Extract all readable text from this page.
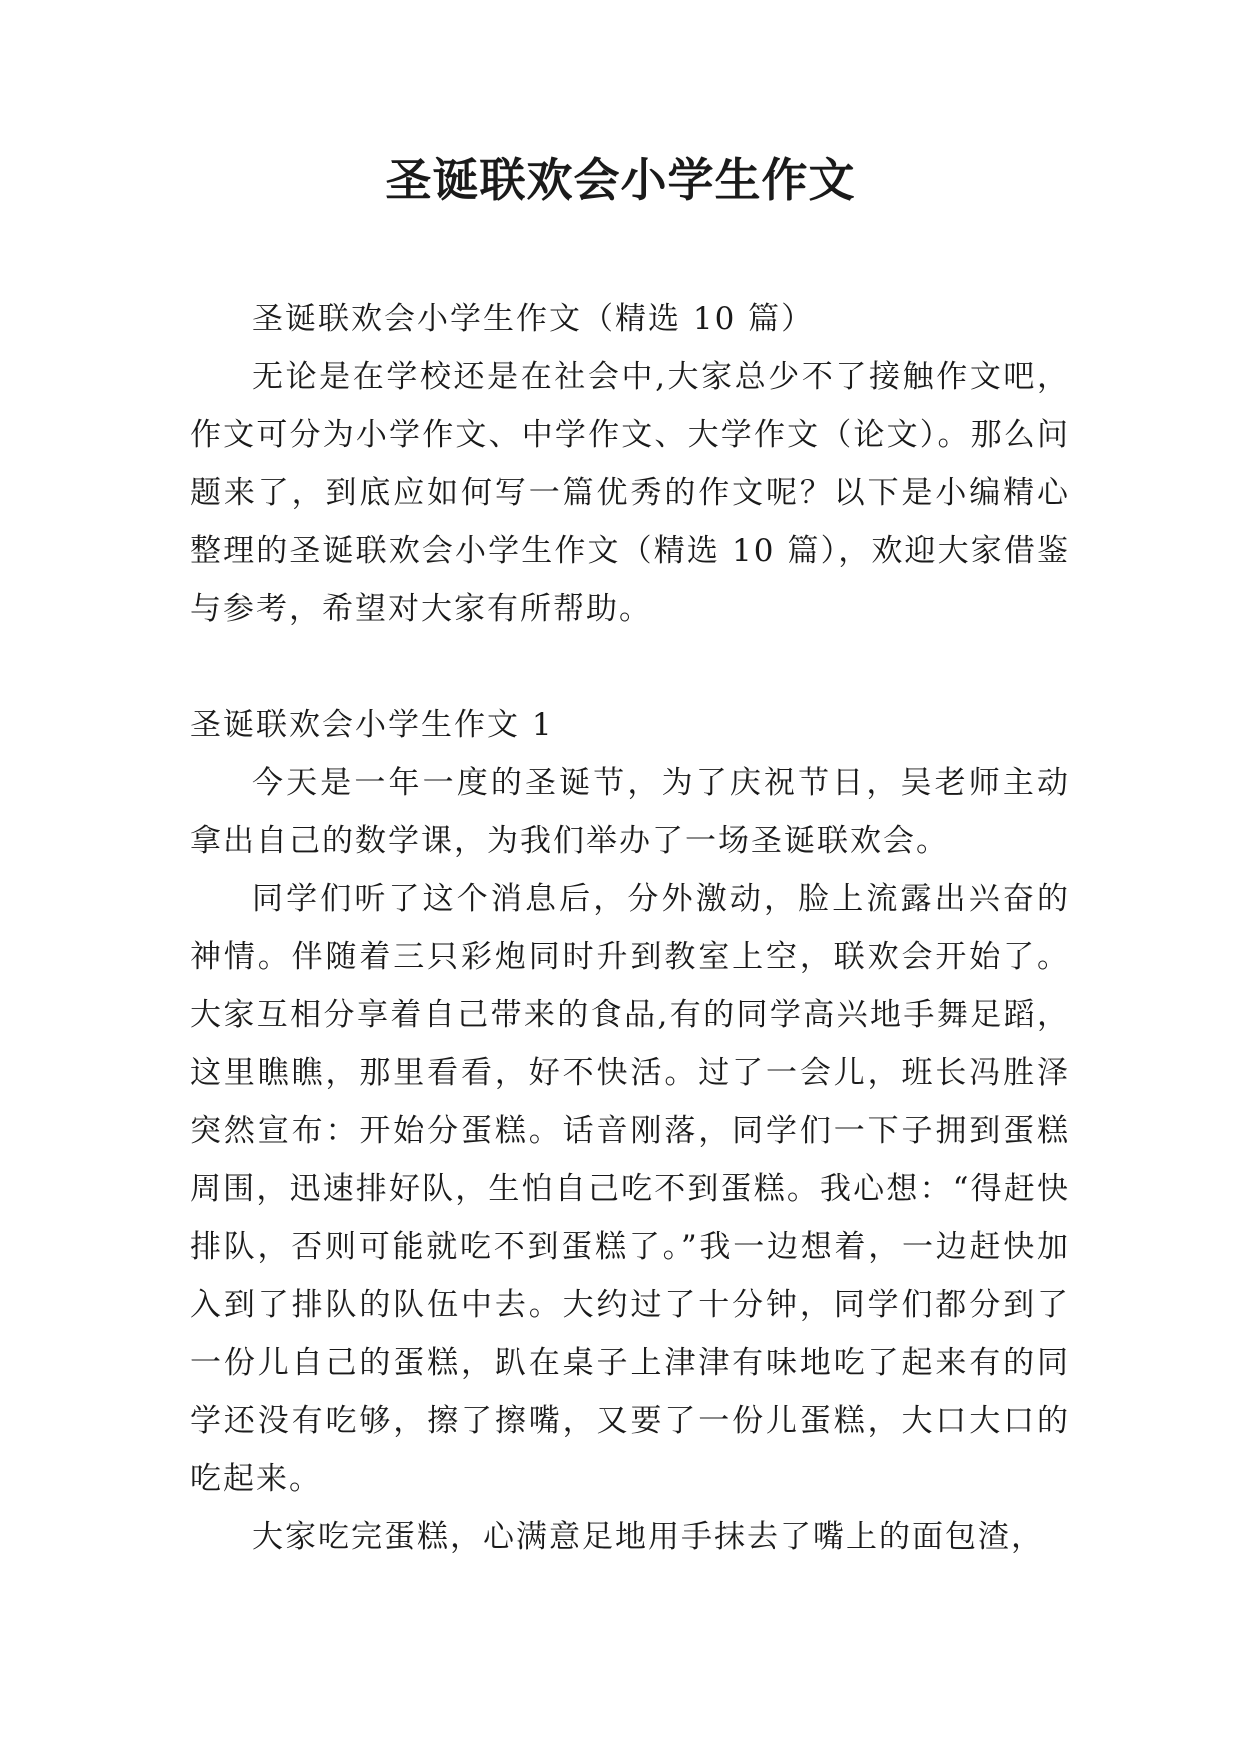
圣诞联欢会小学生作文

圣诞联欢会小学生作文（精选 10 篇）

无论是在学校还是在社会中,大家总少不了接触作文吧，作文可分为小学作文、中学作文、大学作文（论文）。那么问题来了，到底应如何写一篇优秀的作文呢？以下是小编精心整理的圣诞联欢会小学生作文（精选 10 篇），欢迎大家借鉴与参考，希望对大家有所帮助。

圣诞联欢会小学生作文 1

今天是一年一度的圣诞节，为了庆祝节日，吴老师主动拿出自己的数学课，为我们举办了一场圣诞联欢会。

同学们听了这个消息后，分外激动，脸上流露出兴奋的神情。伴随着三只彩炮同时升到教室上空，联欢会开始了。大家互相分享着自己带来的食品,有的同学高兴地手舞足蹈，这里瞧瞧，那里看看，好不快活。过了一会儿，班长冯胜泽突然宣布：开始分蛋糕。话音刚落，同学们一下子拥到蛋糕周围，迅速排好队，生怕自己吃不到蛋糕。我心想：“得赶快排队，否则可能就吃不到蛋糕了。”我一边想着，一边赶快加入到了排队的队伍中去。大约过了十分钟，同学们都分到了一份儿自己的蛋糕，趴在桌子上津津有味地吃了起来有的同学还没有吃够，擦了擦嘴，又要了一份儿蛋糕，大口大口的吃起来。

大家吃完蛋糕，心满意足地用手抹去了嘴上的面包渣，
